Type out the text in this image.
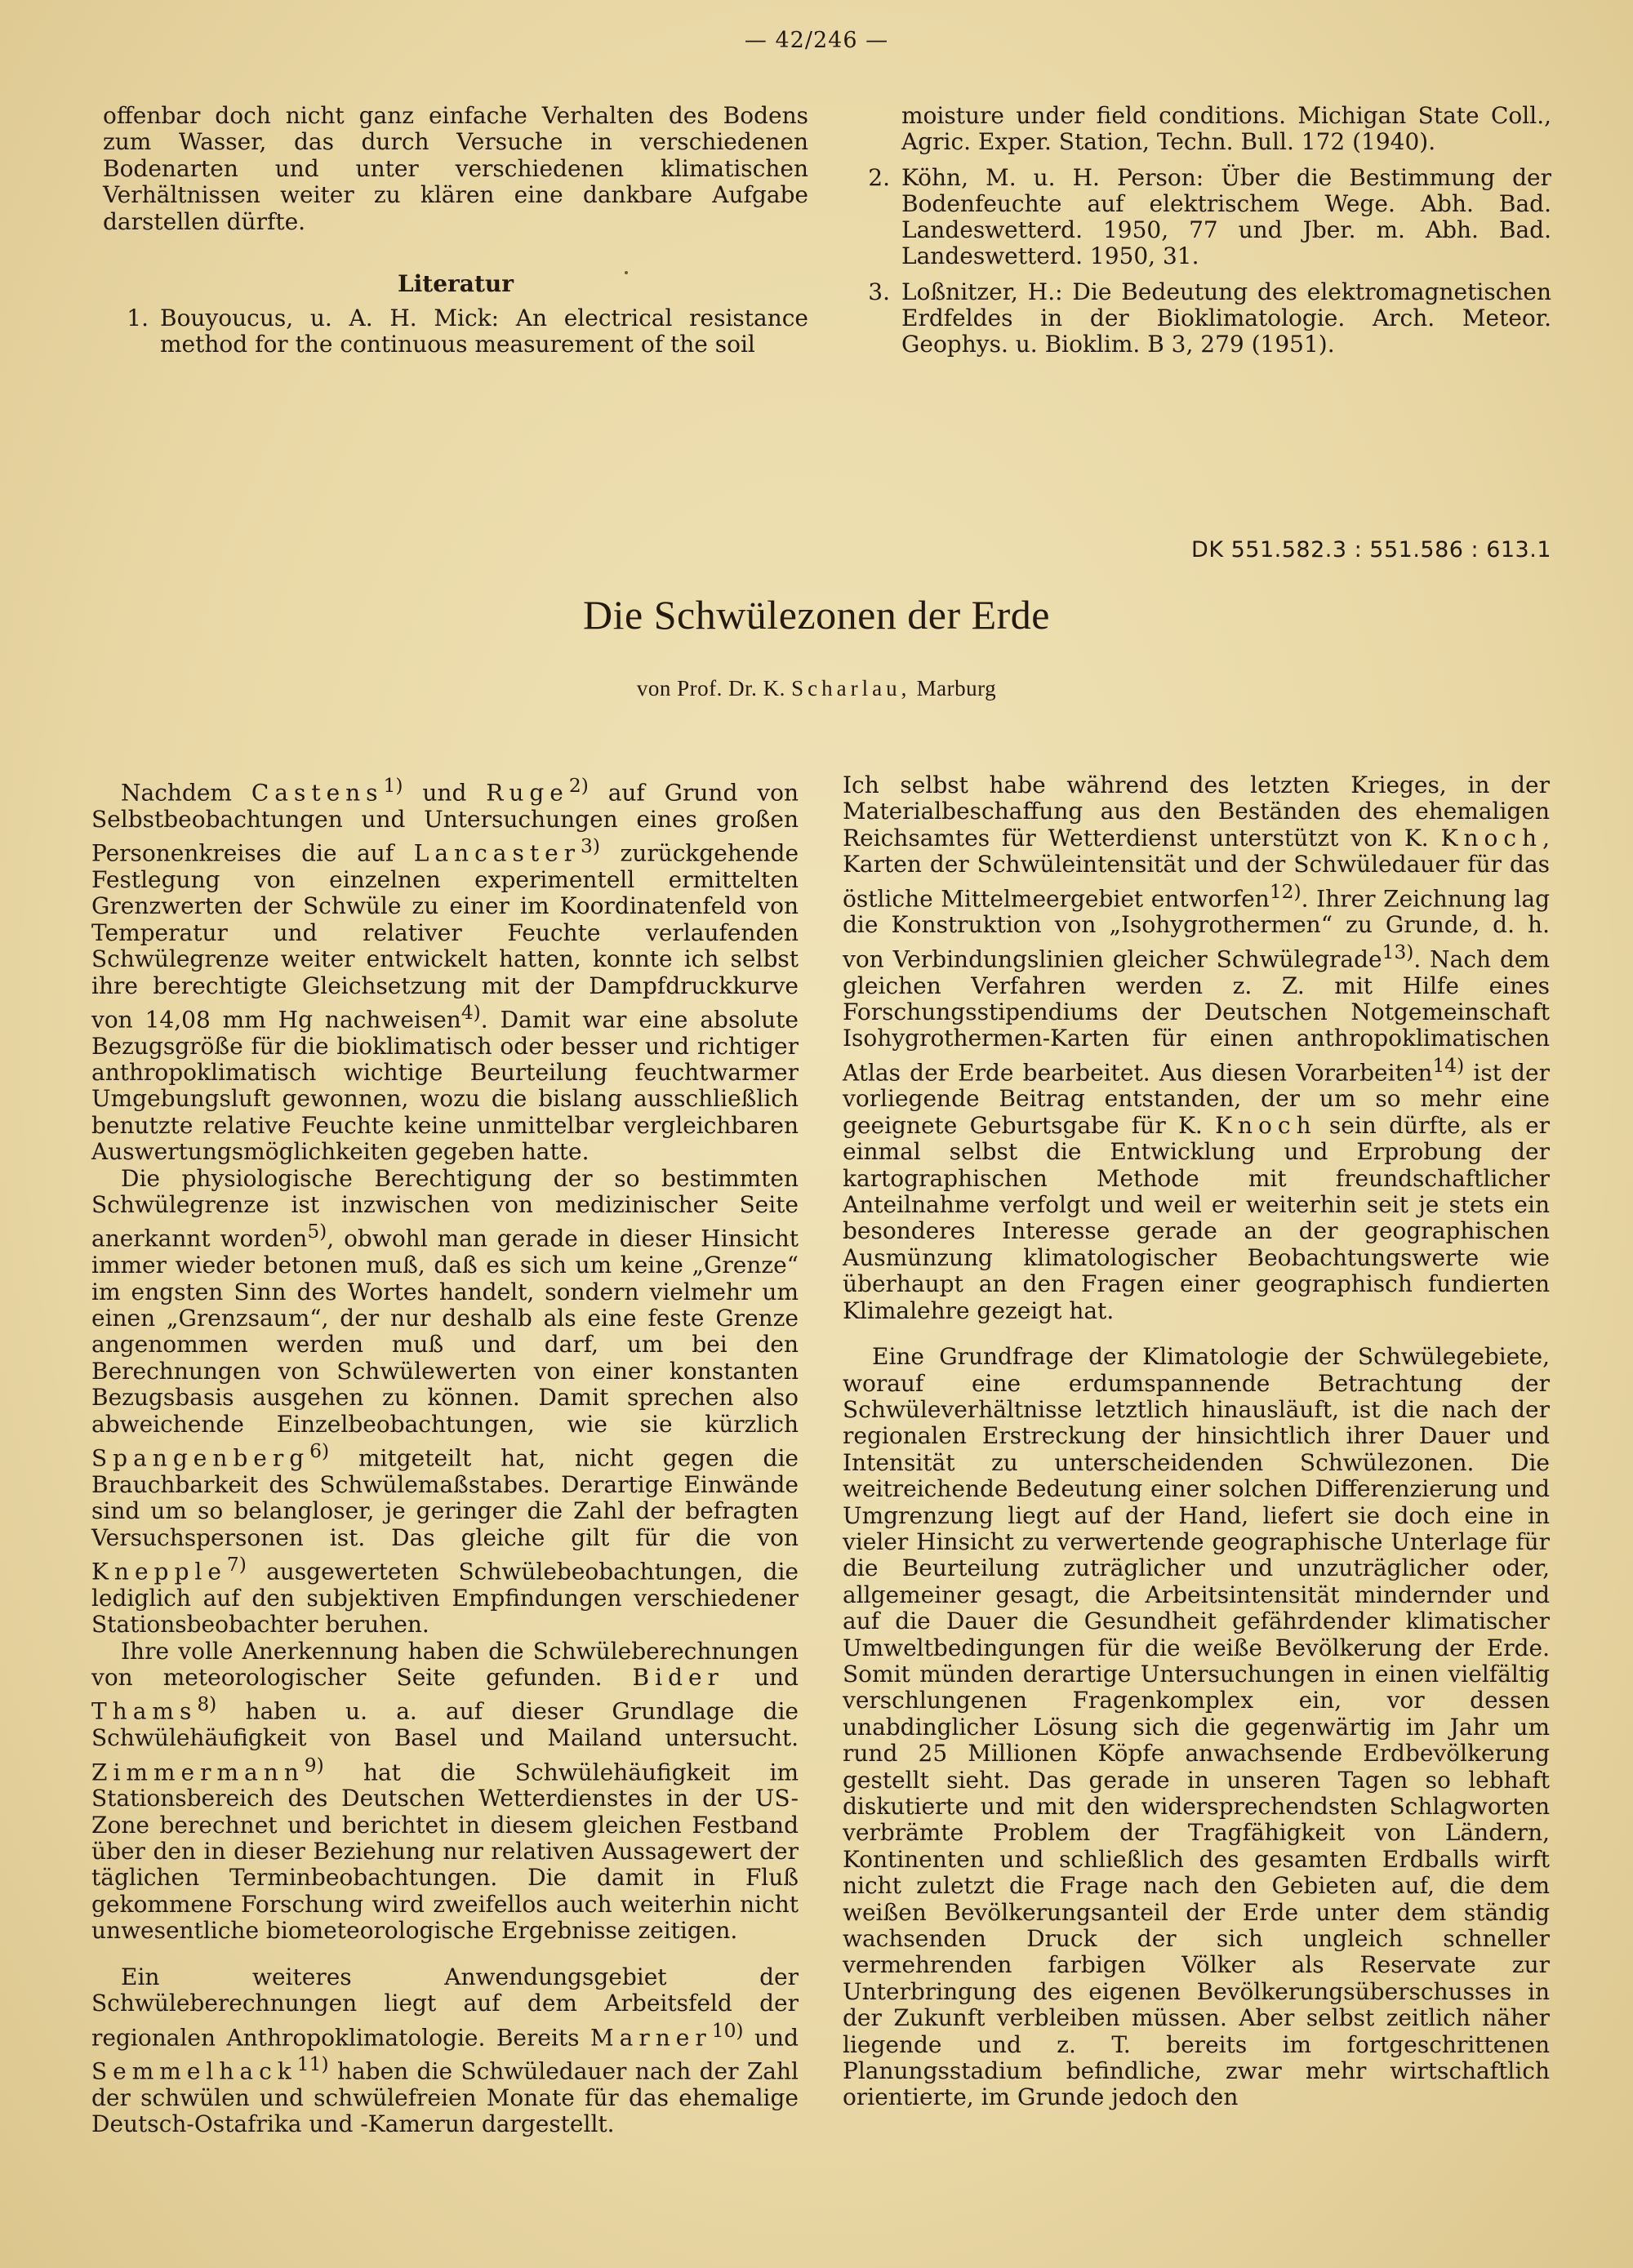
— 42/246 —

offenbar doch nicht ganz einfache Verhalten des Bodens zum Wasser, das durch Versuche in verschiedenen Bodenarten und unter verschiedenen klimatischen Verhältnissen weiter zu klären eine dankbare Aufgabe darstellen dürfte.

Literatur
1. Bouyoucus, u. A. H. Mick: An electrical resistance method for the continuous measurement of the soil
moisture under field conditions. Michigan State Coll., Agric. Exper. Station, Techn. Bull. 172 (1940).
2. Köhn, M. u. H. Person: Über die Bestimmung der Bodenfeuchte auf elektrischem Wege. Abh. Bad. Landeswetterd. 1950, 77 und Jber. m. Abh. Bad. Landeswetterd. 1950, 31.
3. Loßnitzer, H.: Die Bedeutung des elektromagnetischen Erdfeldes in der Bioklimatologie. Arch. Meteor. Geophys. u. Bioklim. B 3, 279 (1951).
DK 551.582.3 : 551.586 : 613.1
Die Schwülezonen der Erde
von Prof. Dr. K. Scharlau, Marburg

Nachdem Castens$^{1)}$ und Ruge$^{2)}$ auf Grund von Selbstbeobachtungen und Untersuchungen eines großen Personenkreises die auf Lancaster$^{3)}$ zurückgehende Festlegung von einzelnen experimentell ermittelten Grenzwerten der Schwüle zu einer im Koordinatenfeld von Temperatur und relativer Feuchte verlaufenden Schwülegrenze weiter entwickelt hatten, konnte ich selbst ihre berechtigte Gleichsetzung mit der Dampfdruckkurve von 14,08 mm Hg nachweisen$^{4)}$. Damit war eine absolute Bezugsgröße für die bioklimatisch oder besser und richtiger anthropoklimatisch wichtige Beurteilung feuchtwarmer Umgebungsluft gewonnen, wozu die bislang ausschließlich benutzte relative Feuchte keine unmittelbar vergleichbaren Auswertungsmöglichkeiten gegeben hatte.

Die physiologische Berechtigung der so bestimmten Schwülegrenze ist inzwischen von medizinischer Seite anerkannt worden$^{5)}$, obwohl man gerade in dieser Hinsicht immer wieder betonen muß, daß es sich um keine „Grenze“ im engsten Sinn des Wortes handelt, sondern vielmehr um einen „Grenzsaum“, der nur deshalb als eine feste Grenze angenommen werden muß und darf, um bei den Berechnungen von Schwülewerten von einer konstanten Bezugsbasis ausgehen zu können. Damit sprechen also abweichende Einzelbeobachtungen, wie sie kürzlich Spangenberg$^{6)}$ mitgeteilt hat, nicht gegen die Brauchbarkeit des Schwülemaßstabes. Derartige Einwände sind um so belangloser, je geringer die Zahl der befragten Versuchspersonen ist. Das gleiche gilt für die von Knepple$^{7)}$ ausgewerteten Schwülebeobachtungen, die lediglich auf den subjektiven Empfindungen verschiedener Stationsbeobachter beruhen.

Ihre volle Anerkennung haben die Schwüleberechnungen von meteorologischer Seite gefunden. Bider und Thams$^{8)}$ haben u. a. auf dieser Grundlage die Schwülehäufigkeit von Basel und Mailand untersucht. Zimmermann$^{9)}$ hat die Schwülehäufigkeit im Stationsbereich des Deutschen Wetterdienstes in der US-Zone berechnet und berichtet in diesem gleichen Festband über den in dieser Beziehung nur relativen Aussagewert der täglichen Terminbeobachtungen. Die damit in Fluß gekommene Forschung wird zweifellos auch weiterhin nicht unwesentliche biometeorologische Ergebnisse zeitigen.

Ein weiteres Anwendungsgebiet der Schwüleberechnungen liegt auf dem Arbeitsfeld der regionalen Anthropoklimatologie. Bereits Marner$^{10)}$ und Semmelhack$^{11)}$ haben die Schwüledauer nach der Zahl der schwülen und schwülefreien Monate für das ehemalige Deutsch-Ostafrika und -Kamerun dargestellt.

Ich selbst habe während des letzten Krieges, in der Materialbeschaffung aus den Beständen des ehemaligen Reichsamtes für Wetterdienst unterstützt von K. Knoch, Karten der Schwüleintensität und der Schwüledauer für das östliche Mittelmeergebiet entworfen$^{12)}$. Ihrer Zeichnung lag die Konstruktion von „Isohygrothermen“ zu Grunde, d. h. von Verbindungslinien gleicher Schwülegrade$^{13)}$. Nach dem gleichen Verfahren werden z. Z. mit Hilfe eines Forschungsstipendiums der Deutschen Notgemeinschaft Isohygrothermen-Karten für einen anthropoklimatischen Atlas der Erde bearbeitet. Aus diesen Vorarbeiten$^{14)}$ ist der vorliegende Beitrag entstanden, der um so mehr eine geeignete Geburtsgabe für K. Knoch sein dürfte, als er einmal selbst die Entwicklung und Erprobung der kartographischen Methode mit freundschaftlicher Anteilnahme verfolgt und weil er weiterhin seit je stets ein besonderes Interesse gerade an der geographischen Ausmünzung klimatologischer Beobachtungswerte wie überhaupt an den Fragen einer geographisch fundierten Klimalehre gezeigt hat.

Eine Grundfrage der Klimatologie der Schwülegebiete, worauf eine erdumspannende Betrachtung der Schwüleverhältnisse letztlich hinausläuft, ist die nach der regionalen Erstreckung der hinsichtlich ihrer Dauer und Intensität zu unterscheidenden Schwülezonen. Die weitreichende Bedeutung einer solchen Differenzierung und Umgrenzung liegt auf der Hand, liefert sie doch eine in vieler Hinsicht zu verwertende geographische Unterlage für die Beurteilung zuträglicher und unzuträglicher oder, allgemeiner gesagt, die Arbeitsintensität mindernder und auf die Dauer die Gesundheit gefährdender klimatischer Umweltbedingungen für die weiße Bevölkerung der Erde. Somit münden derartige Untersuchungen in einen vielfältig verschlungenen Fragenkomplex ein, vor dessen unabdinglicher Lösung sich die gegenwärtig im Jahr um rund 25 Millionen Köpfe anwachsende Erdbevölkerung gestellt sieht. Das gerade in unseren Tagen so lebhaft diskutierte und mit den widersprechendsten Schlagworten verbrämte Problem der Tragfähigkeit von Ländern, Kontinenten und schließlich des gesamten Erdballs wirft nicht zuletzt die Frage nach den Gebieten auf, die dem weißen Bevölkerungsanteil der Erde unter dem ständig wachsenden Druck der sich ungleich schneller vermehrenden farbigen Völker als Reservate zur Unterbringung des eigenen Bevölkerungsüberschusses in der Zukunft verbleiben müssen. Aber selbst zeitlich näher liegende und z. T. bereits im fortgeschrittenen Planungsstadium befindliche, zwar mehr wirtschaftlich orientierte, im Grunde jedoch den
